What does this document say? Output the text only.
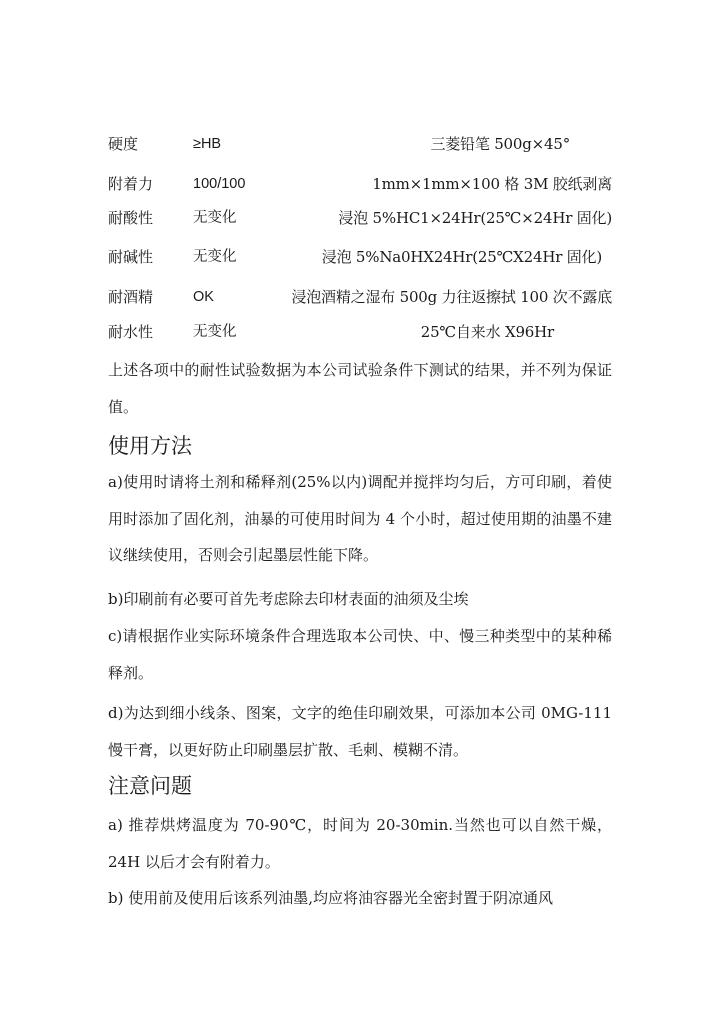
硬度	≥HB	三菱铅笔 500g×45°
附着力	100/100	1mm×1mm×100 格 3M 胶纸剥离
耐酸性	无变化	浸泡 5%HC1×24Hr(25℃×24Hr 固化)
耐碱性	无变化	浸泡 5%Na0HX24Hr(25℃X24Hr 固化)
耐酒精	OK	浸泡酒精之湿布 500g 力往返擦拭 100 次不露底
耐水性	无变化	25℃自来水 X96Hr

上述各项中的耐性试验数据为本公司试验条件下测试的结果，并不列为保证值。

使用方法

a)使用时请将土剂和稀释剂(25%以内)调配并搅拌均匀后，方可印刷，着使用时添加了固化剂，油暴的可使用时间为 4 个小时，超过使用期的油墨不建议继续使用，否则会引起墨层性能下降。

b)印刷前有必要可首先考虑除去印材表面的油须及尘埃

c)请根据作业实际环境条件合理选取本公司快、中、慢三种类型中的某种稀释剂。

d)为达到细小线条、图案，文字的绝佳印刷效果，可添加本公司 0MG-111 慢干膏，以更好防止印刷墨层扩散、毛刺、模糊不清。

注意问题

a) 推荐烘烤温度为 70-90℃，时间为 20-30min.当然也可以自然干燥，24H 以后才会有附着力。

b) 使用前及使用后该系列油墨,均应将油容器光全密封置于阴凉通风
